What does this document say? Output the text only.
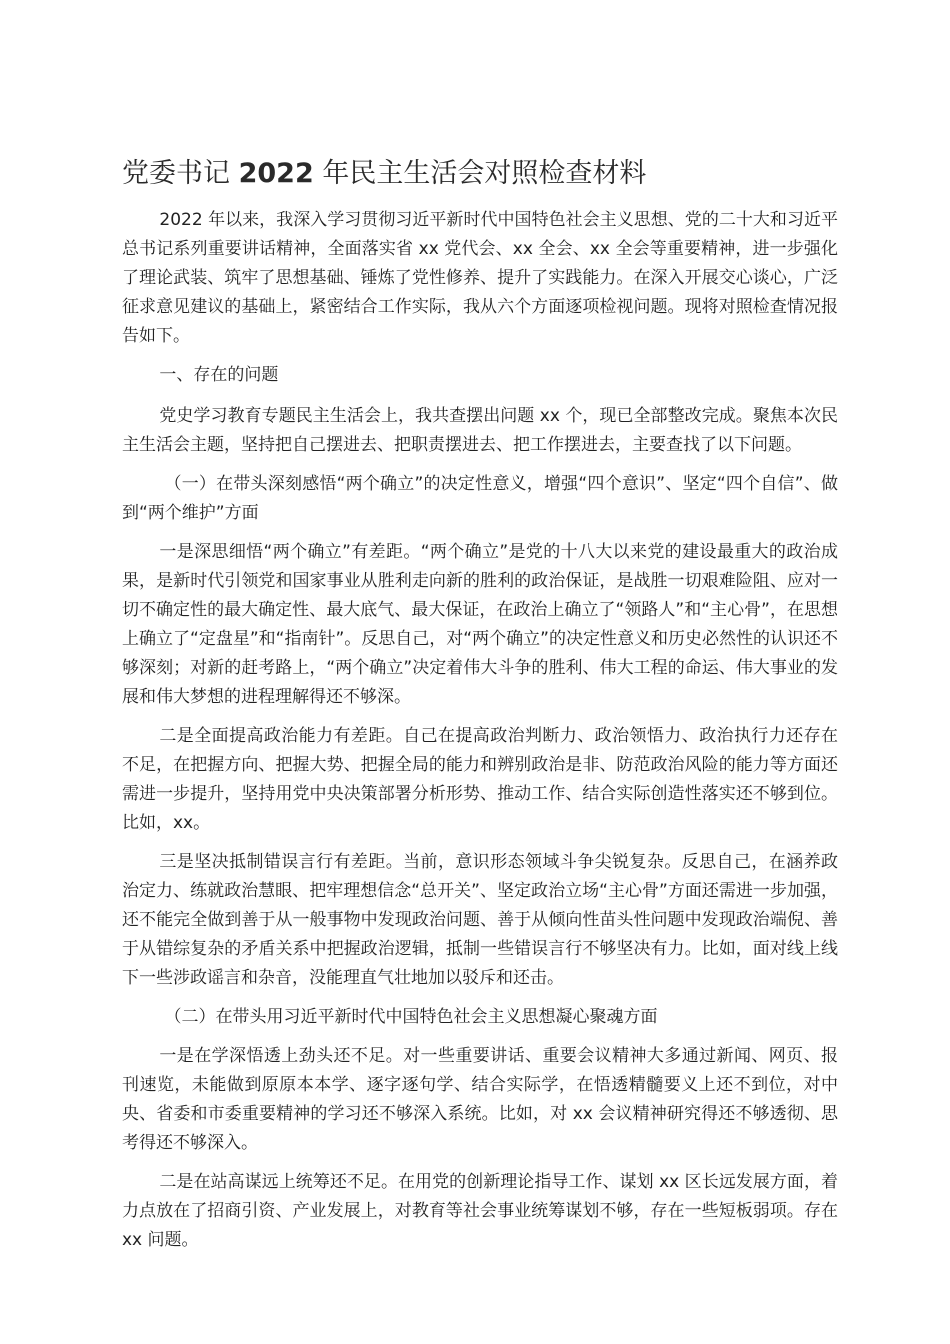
党委书记 2022 年民主生活会对照检查材料

2022 年以来，我深入学习贯彻习近平新时代中国特色社会主义思想、党的二十大和习近平总书记系列重要讲话精神，全面落实省 xx 党代会、xx 全会、xx 全会等重要精神，进一步强化了理论武装、筑牢了思想基础、锤炼了党性修养、提升了实践能力。在深入开展交心谈心，广泛征求意见建议的基础上，紧密结合工作实际，我从六个方面逐项检视问题。现将对照检查情况报告如下。

一、存在的问题

党史学习教育专题民主生活会上，我共查摆出问题 xx 个，现已全部整改完成。聚焦本次民主生活会主题，坚持把自己摆进去、把职责摆进去、把工作摆进去，主要查找了以下问题。

（一）在带头深刻感悟“两个确立”的决定性意义，增强“四个意识”、坚定“四个自信”、做到“两个维护”方面

一是深思细悟“两个确立”有差距。“两个确立”是党的十八大以来党的建设最重大的政治成果，是新时代引领党和国家事业从胜利走向新的胜利的政治保证，是战胜一切艰难险阻、应对一切不确定性的最大确定性、最大底气、最大保证，在政治上确立了“领路人”和“主心骨”，在思想上确立了“定盘星”和“指南针”。反思自己，对“两个确立”的决定性意义和历史必然性的认识还不够深刻；对新的赶考路上，“两个确立”决定着伟大斗争的胜利、伟大工程的命运、伟大事业的发展和伟大梦想的进程理解得还不够深。

二是全面提高政治能力有差距。自己在提高政治判断力、政治领悟力、政治执行力还存在不足，在把握方向、把握大势、把握全局的能力和辨别政治是非、防范政治风险的能力等方面还需进一步提升，坚持用党中央决策部署分析形势、推动工作、结合实际创造性落实还不够到位。比如，xx。

三是坚决抵制错误言行有差距。当前，意识形态领域斗争尖锐复杂。反思自己，在涵养政治定力、练就政治慧眼、把牢理想信念“总开关”、坚定政治立场“主心骨”方面还需进一步加强，还不能完全做到善于从一般事物中发现政治问题、善于从倾向性苗头性问题中发现政治端倪、善于从错综复杂的矛盾关系中把握政治逻辑，抵制一些错误言行不够坚决有力。比如，面对线上线下一些涉政谣言和杂音，没能理直气壮地加以驳斥和还击。

（二）在带头用习近平新时代中国特色社会主义思想凝心聚魂方面

一是在学深悟透上劲头还不足。对一些重要讲话、重要会议精神大多通过新闻、网页、报刊速览，未能做到原原本本学、逐字逐句学、结合实际学，在悟透精髓要义上还不到位，对中央、省委和市委重要精神的学习还不够深入系统。比如，对 xx 会议精神研究得还不够透彻、思考得还不够深入。

二是在站高谋远上统筹还不足。在用党的创新理论指导工作、谋划 xx 区长远发展方面，着力点放在了招商引资、产业发展上，对教育等社会事业统筹谋划不够，存在一些短板弱项。存在 xx 问题。
